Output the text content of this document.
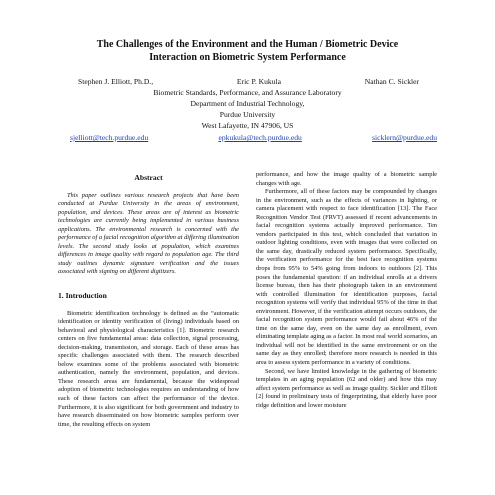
The Challenges of the Environment and the Human / Biometric Device
Interaction on Biometric System Performance
Stephen J. Elliott, Ph.D.,	Eric P. Kukula	Nathan C. Sickler
Biometric Standards, Performance, and Assurance Laboratory
Department of Industrial Technology,
Purdue University
West Lafayette, IN 47906, US
sjelliott@tech.purdue.edu	epkukula@tech.purdue.edu	sicklern@purdue.edu
Abstract

This paper outlines various research projects that have been conducted at Purdue University in the areas of environment, population, and devices. These areas are of interest as biometric technologies are currently being implemented in various business applications. The environmental research is concerned with the performance of a facial recognition algorithm at differing illumination levels. The second study looks at population, which examines differences in image quality with regard to population age. The third study outlines dynamic signature verification and the issues associated with signing on different digitizers.

1. Introduction

Biometric identification technology is defined as the “automatic identification or identity verification of (living) individuals based on behavioral and physiological characteristics [1]. Biometric research centers on five fundamental areas: data collection, signal processing, decision-making, transmission, and storage. Each of these areas has specific challenges associated with them. The research described below examines some of the problems associated with biometric authentication, namely the environment, population, and devices. These research areas are fundamental, because the widespread adoption of biometric technologies requires an understanding of how each of these factors can affect the performance of the device. Furthermore, it is also significant for both government and industry to have research disseminated on how biometric samples perform over time, the resulting effects on system

performance, and how the image quality of a biometric sample changes with age.

Furthermore, all of these factors may be compounded by changes in the environment, such as the effects of variances in lighting, or camera placement with respect to face identification [13]. The Face Recognition Vendor Test (FRVT) assessed if recent advancements in facial recognition systems actually improved performance. Ten vendors participated in this test, which concluded that variation in outdoor lighting conditions, even with images that were collected on the same day, drastically reduced system performance. Specifically, the verification performance for the best face recognition systems drops from 95% to 54% going from indoors to outdoors [2]. This poses the fundamental question: if an individual enrolls at a drivers license bureau, then has their photograph taken in an environment with controlled illumination for identification purposes, facial recognition systems will verify that individual 95% of the time in that environment. However, if the verification attempt occurs outdoors, the facial recognition system performance would fail about 46% of the time on the same day, even on the same day as enrollment, even eliminating template aging as a factor. In most real world scenarios, an individual will not be identified in the same environment or on the same day as they enrolled; therefore more research is needed in this area to assess system performance in a variety of conditions.

Second, we have limited knowledge in the gathering of biometric templates in an aging population (62 and older) and how this may affect system performance as well as image quality. Sickler and Elliott [2] found in preliminary tests of fingerprinting, that elderly have poor ridge definition and lower moisture
